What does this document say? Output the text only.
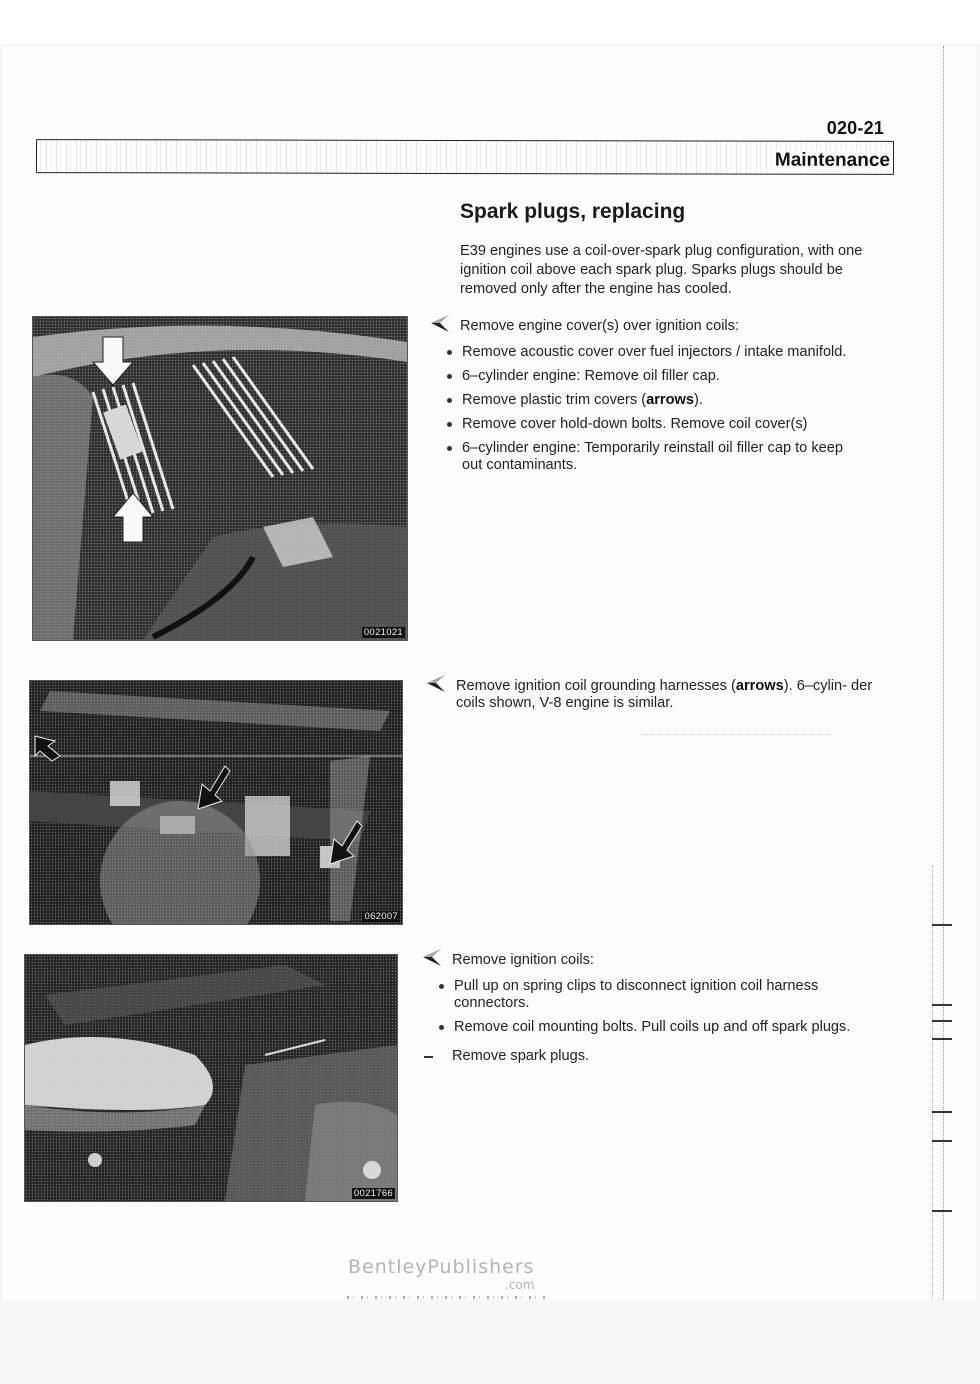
020-21
Maintenance
Spark plugs, replacing

E39 engines use a coil-over-spark plug configuration, with one ignition coil above each spark plug. Sparks plugs should be removed only after the engine has cooled.

Remove engine cover(s) over ignition coils:
Remove acoustic cover over fuel injectors / intake manifold.
6–cylinder engine: Remove oil filler cap.
Remove plastic trim covers (arrows).
Remove cover hold-down bolts. Remove coil cover(s)
6–cylinder engine: Temporarily reinstall oil filler cap to keep out contaminants.
0021021
Remove ignition coil grounding harnesses (arrows). 6–cylin- der coils shown, V-8 engine is similar.
062007
Remove ignition coils:
Pull up on spring clips to disconnect ignition coil harness connectors.
Remove coil mounting bolts. Pull coils up and off spark plugs.
Remove spark plugs.
0021766
BentleyPublishers
.com
